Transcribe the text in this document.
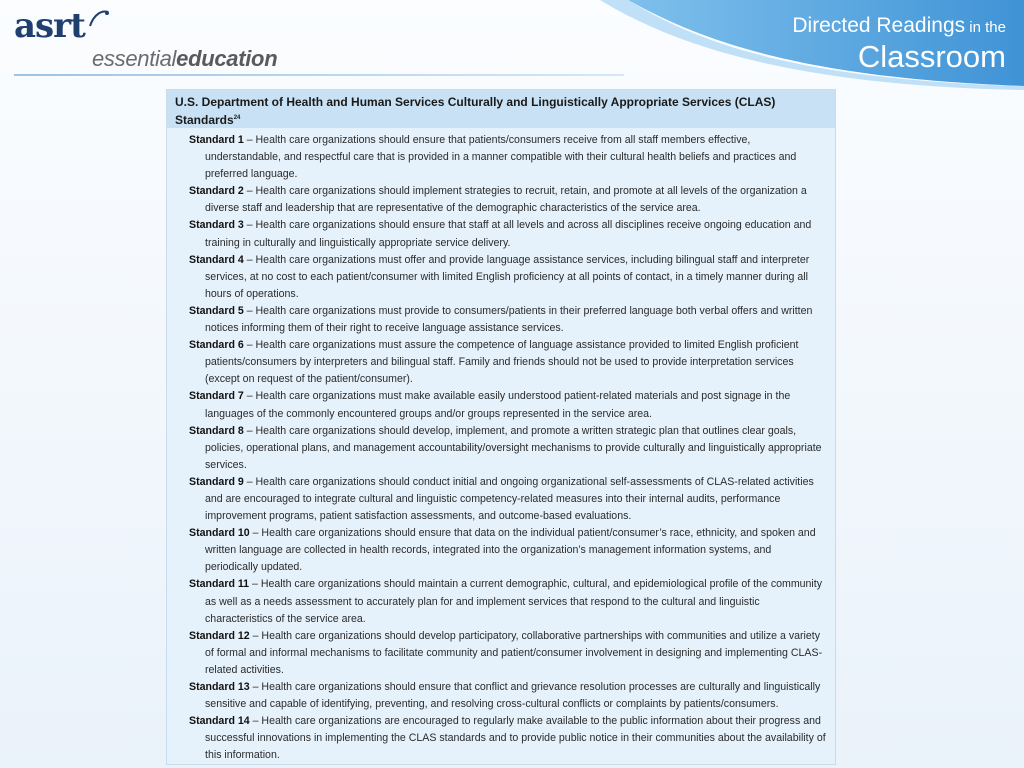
asrt
essentialeducation
Directed Readings in the
Classroom
U.S. Department of Health and Human Services Culturally and Linguistically Appropriate Services (CLAS) Standards$^{24}$
Standard 1 – Health care organizations should ensure that patients/consumers receive from all staff members effective, understandable, and respectful care that is provided in a manner compatible with their cultural health beliefs and practices and preferred language.
Standard 2 – Health care organizations should implement strategies to recruit, retain, and promote at all levels of the organization a diverse staff and leadership that are representative of the demographic characteristics of the service area.
Standard 3 – Health care organizations should ensure that staff at all levels and across all disciplines receive ongoing education and training in culturally and linguistically appropriate service delivery.
Standard 4 – Health care organizations must offer and provide language assistance services, including bilingual staff and interpreter services, at no cost to each patient/consumer with limited English proficiency at all points of contact, in a timely manner during all hours of operations.
Standard 5 – Health care organizations must provide to consumers/patients in their preferred language both verbal offers and written notices informing them of their right to receive language assistance services.
Standard 6 – Health care organizations must assure the competence of language assistance provided to limited English proficient patients/consumers by interpreters and bilingual staff. Family and friends should not be used to provide interpretation services (except on request of the patient/consumer).
Standard 7 – Health care organizations must make available easily understood patient-related materials and post signage in the languages of the commonly encountered groups and/or groups represented in the service area.
Standard 8 – Health care organizations should develop, implement, and promote a written strategic plan that outlines clear goals, policies, operational plans, and management accountability/oversight mechanisms to provide culturally and linguistically appropriate services.
Standard 9 – Health care organizations should conduct initial and ongoing organizational self-assessments of CLAS-related activities and are encouraged to integrate cultural and linguistic competency-related measures into their internal audits, performance improvement programs, patient satisfaction assessments, and outcome-based evaluations.
Standard 10 – Health care organizations should ensure that data on the individual patient/consumer’s race, ethnicity, and spoken and written language are collected in health records, integrated into the organization’s management information systems, and periodically updated.
Standard 11 – Health care organizations should maintain a current demographic, cultural, and epidemiological profile of the community as well as a needs assessment to accurately plan for and implement services that respond to the cultural and linguistic characteristics of the service area.
Standard 12 – Health care organizations should develop participatory, collaborative partnerships with communities and utilize a variety of formal and informal mechanisms to facilitate community and patient/consumer involvement in designing and implementing CLAS-related activities.
Standard 13 – Health care organizations should ensure that conflict and grievance resolution processes are culturally and linguistically sensitive and capable of identifying, preventing, and resolving cross-cultural conflicts or complaints by patients/consumers.
Standard 14 – Health care organizations are encouraged to regularly make available to the public information about their progress and successful innovations in implementing the CLAS standards and to provide public notice in their communities about the availability of this information.
